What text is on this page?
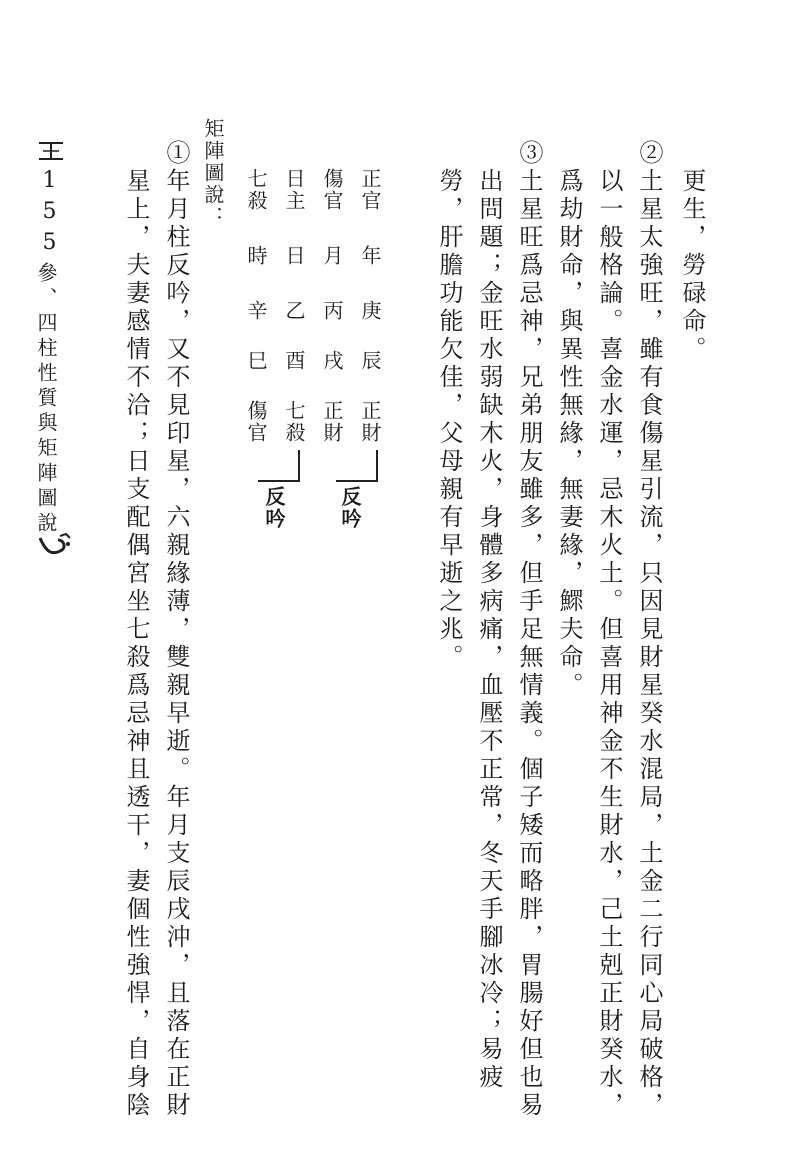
更生，勞碌命。
②土星太強旺，雖有食傷星引流，只因見財星癸水混局，土金二行同心局破格，
以一般格論。喜金水運，忌木火土。但喜用神金不生財水，己土剋正財癸水，
爲劫財命，與異性無緣，無妻緣，鰥夫命。
③土星旺爲忌神，兄弟朋友雖多，但手足無情義。個子矮而略胖，胃腸好但也易
出問題；金旺水弱缺木火，身體多病痛，血壓不正常，冬天手腳冰冷；易疲
勞，肝膽功能欠佳，父母親有早逝之兆。
正官
年
庚
辰
正財
傷官
月
丙
戌
正財
日主
日
乙
酉
七殺
七殺
時
辛
巳
傷官
反吟
反吟
矩陣圖說：
①年月柱反吟，又不見印星，六親緣薄，雙親早逝。年月支辰戌沖，且落在正財
星上，夫妻感情不洽；日支配偶宮坐七殺爲忌神且透干，妻個性強悍，自身陰
155
參、四柱性質與矩陣圖說
